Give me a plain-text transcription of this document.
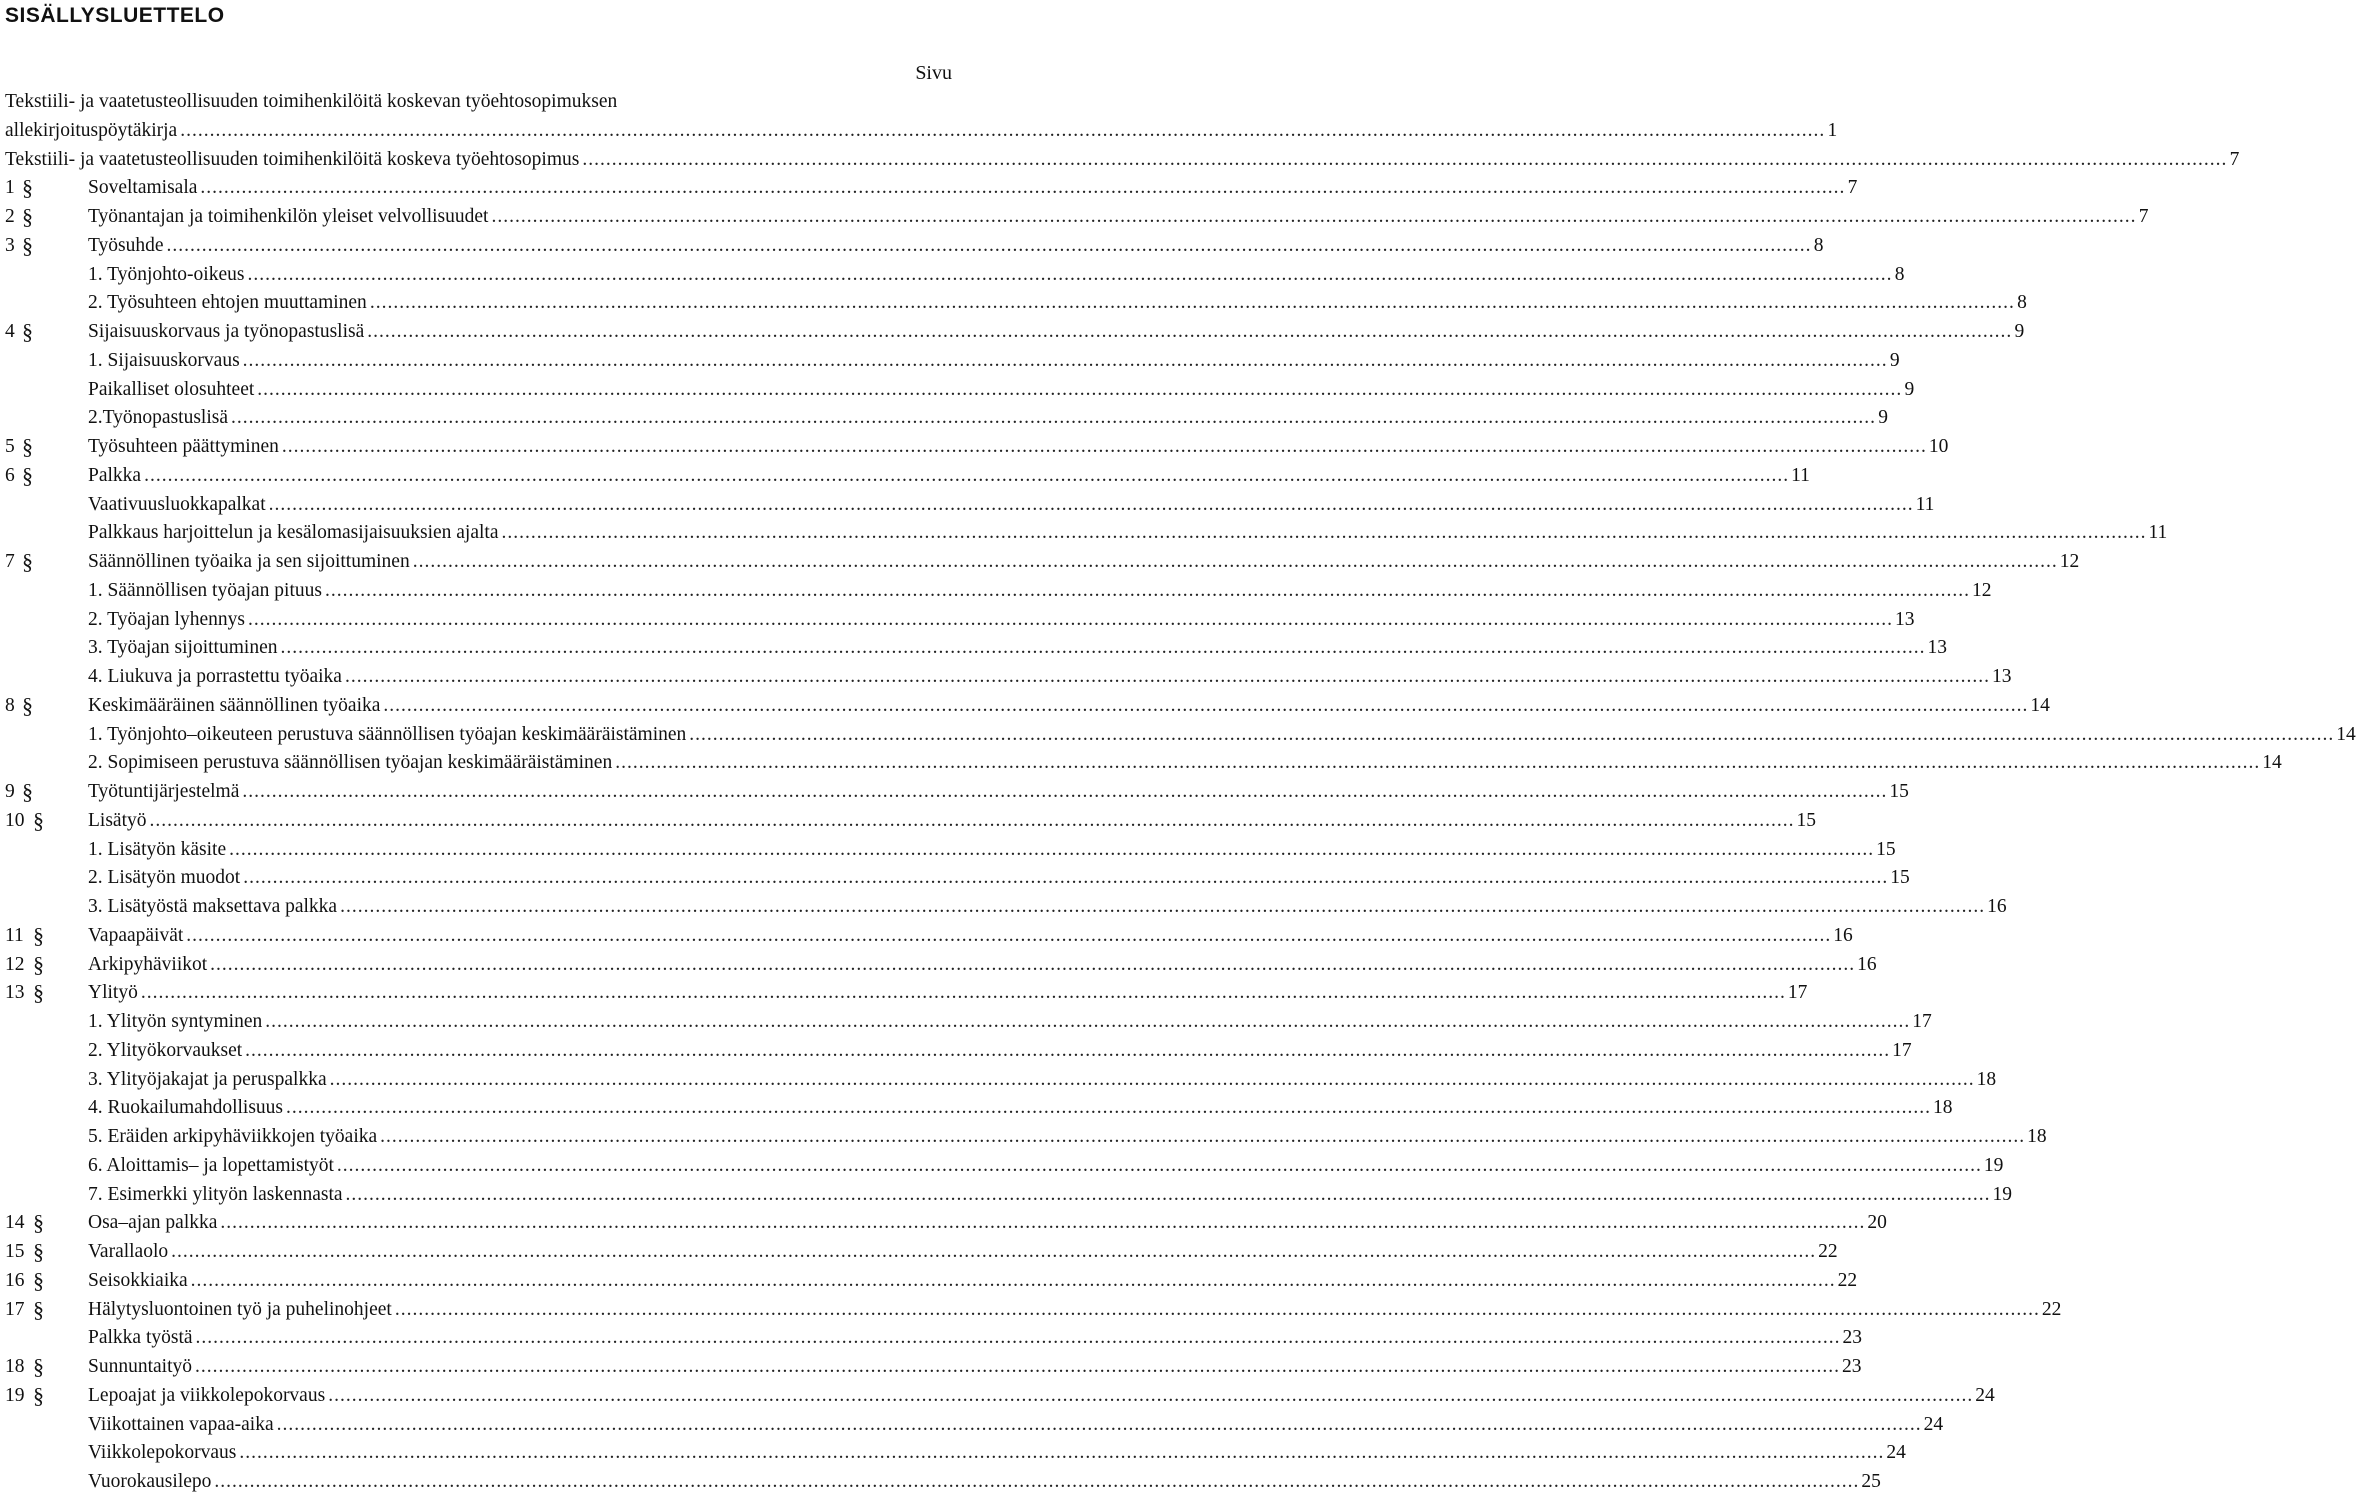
SISÄLLYSLUETTELO
Sivu
Tekstiili- ja vaatetusteollisuuden toimihenkilöitä koskevan työehtosopimuksen
allekirjoituspöytäkirja .....	1
Tekstiili- ja vaatetusteollisuuden toimihenkilöitä koskeva työehtosopimus .....	7
1 §	Soveltamisala .....	7
2 §	Työnantajan ja toimihenkilön yleiset velvollisuudet .....	7
3 §	Työsuhde .....	8
1. Työnjohto-oikeus .....	8
2. Työsuhteen ehtojen muuttaminen .....	8
4 §	Sijaisuuskorvaus ja työnopastuslisä .....	9
1. Sijaisuuskorvaus .....	9
Paikalliset olosuhteet .....	9
2.Työnopastuslisä .....	9
5 §	Työsuhteen päättyminen .....	10
6 §	Palkka .....	11
Vaativuusluokkapalkat .....	11
Palkkaus harjoittelun ja kesälomasijaisuuksien ajalta .....	11
7 §	Säännöllinen työaika ja sen sijoittuminen .....	12
1. Säännöllisen työajan pituus .....	12
2. Työajan lyhennys .....	13
3. Työajan sijoittuminen .....	13
4. Liukuva ja porrastettu työaika .....	13
8 §	Keskimääräinen säännöllinen työaika .....	14
1. Työnjohto–oikeuteen perustuva säännöllisen työajan keskimääräistäminen .....	14
2. Sopimiseen perustuva säännöllisen työajan keskimääräistäminen .....	14
9 §	Työtuntijärjestelmä .....	15
10 § Lisätyö .....	15
1. Lisätyön käsite .....	15
2. Lisätyön muodot .....	15
3. Lisätyöstä maksettava palkka .....	16
11 § Vapaapäivät .....	16
12 § Arkipyhäviikot .....	16
13 § Ylityö .....	17
1. Ylityön syntyminen .....	17
2. Ylityökorvaukset .....	17
3. Ylityöjakajat ja peruspalkka .....	18
4. Ruokailumahdollisuus .....	18
5. Eräiden arkipyhäviikkojen työaika .....	18
6. Aloittamis– ja lopettamistyöt .....	19
7. Esimerkki ylityön laskennasta .....	19
14 § Osa–ajan palkka .....	20
15 § Varallaolo .....	22
16 § Seisokkiaika .....	22
17 § Hälytysluontoinen työ ja puhelinohjeet .....	22
Palkka työstä .....	23
18 § Sunnuntaityö .....	23
19 § Lepoajat ja viikkolepokorvaus .....	24
Viikottainen vapaa-aika .....	24
Viikkolepokorvaus .....	24
Vuorokausilepo .....	25
